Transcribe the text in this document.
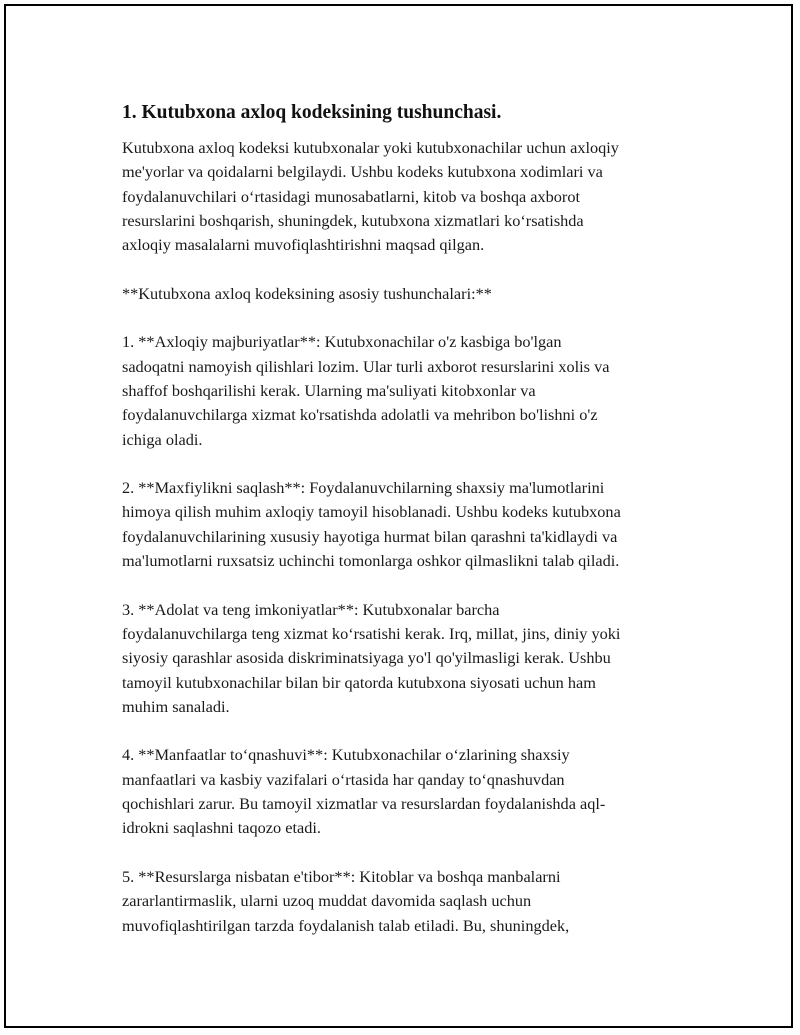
1. Kutubxona axloq kodeksining tushunchasi.
Kutubxona axloq kodeksi kutubxonalar yoki kutubxonachilar uchun axloqiy
me'yorlar va qoidalarni belgilaydi. Ushbu kodeks kutubxona xodimlari va
foydalanuvchilari o‘rtasidagi munosabatlarni, kitob va boshqa axborot
resurslarini boshqarish, shuningdek, kutubxona xizmatlari ko‘rsatishda
axloqiy masalalarni muvofiqlashtirishni maqsad qilgan.
**Kutubxona axloq kodeksining asosiy tushunchalari:**
1. **Axloqiy majburiyatlar**: Kutubxonachilar o'z kasbiga bo'lgan
sadoqatni namoyish qilishlari lozim. Ular turli axborot resurslarini xolis va
shaffof boshqarilishi kerak. Ularning ma'suliyati kitobxonlar va
foydalanuvchilarga xizmat ko'rsatishda adolatli va mehribon bo'lishni o'z
ichiga oladi.
2. **Maxfiylikni saqlash**: Foydalanuvchilarning shaxsiy ma'lumotlarini
himoya qilish muhim axloqiy tamoyil hisoblanadi. Ushbu kodeks kutubxona
foydalanuvchilarining xususiy hayotiga hurmat bilan qarashni ta'kidlaydi va
ma'lumotlarni ruxsatsiz uchinchi tomonlarga oshkor qilmaslikni talab qiladi.
3. **Adolat va teng imkoniyatlar**: Kutubxonalar barcha
foydalanuvchilarga teng xizmat ko‘rsatishi kerak. Irq, millat, jins, diniy yoki
siyosiy qarashlar asosida diskriminatsiyaga yo'l qo'yilmasligi kerak. Ushbu
tamoyil kutubxonachilar bilan bir qatorda kutubxona siyosati uchun ham
muhim sanaladi.
4. **Manfaatlar to‘qnashuvi**: Kutubxonachilar o‘zlarining shaxsiy
manfaatlari va kasbiy vazifalari o‘rtasida har qanday to‘qnashuvdan
qochishlari zarur. Bu tamoyil xizmatlar va resurslardan foydalanishda aql-
idrokni saqlashni taqozo etadi.
5. **Resurslarga nisbatan e'tibor**: Kitoblar va boshqa manbalarni
zararlantirmaslik, ularni uzoq muddat davomida saqlash uchun
muvofiqlashtirilgan tarzda foydalanish talab etiladi. Bu, shuningdek,
